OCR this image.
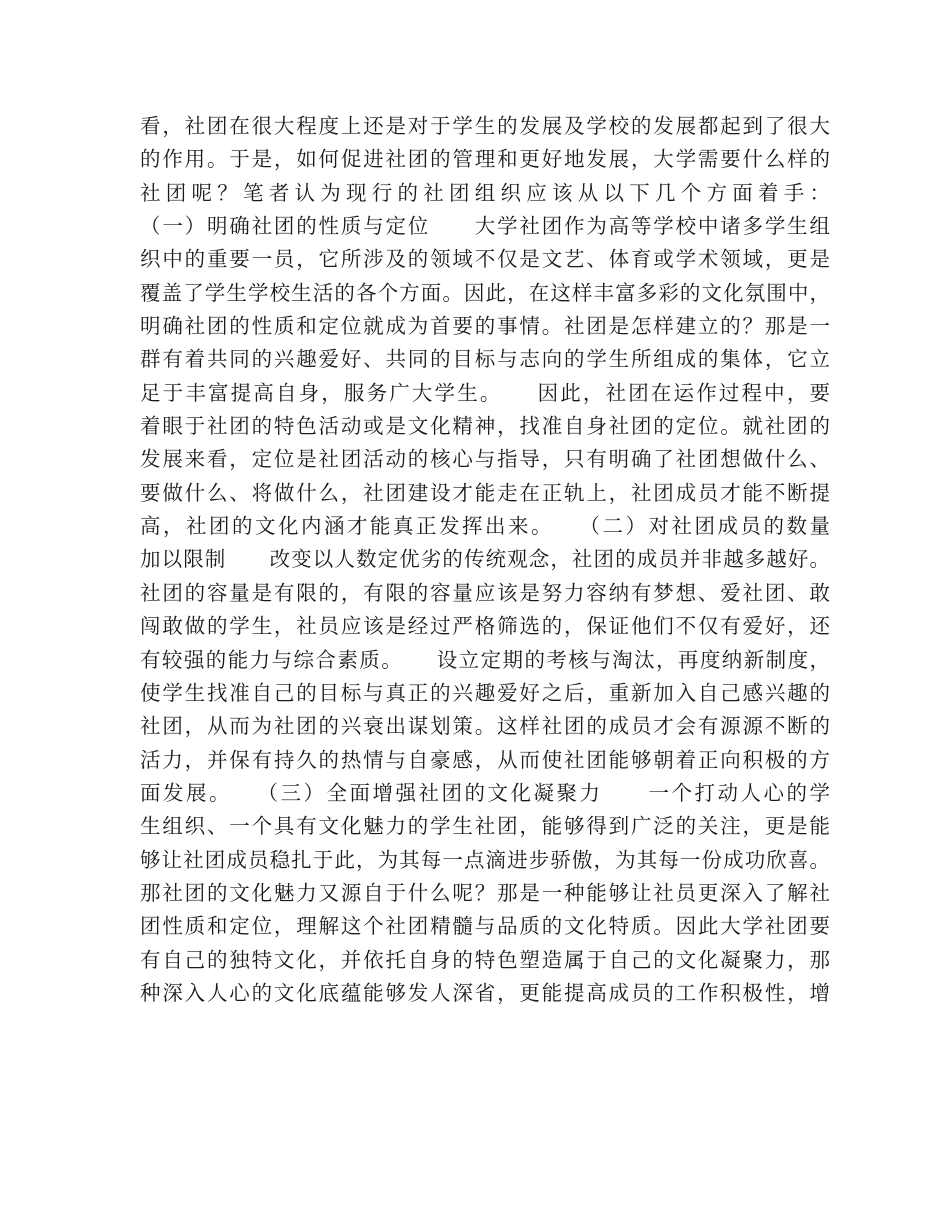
看，社团在很大程度上还是对于学生的发展及学校的发展都起到了很大
的作用。于是，如何促进社团的管理和更好地发展，大学需要什么样的
社团呢？笔者认为现行的社团组织应该从以下几个方面着手：
（一）明确社团的性质与定位　　大学社团作为高等学校中诸多学生组
织中的重要一员，它所涉及的领域不仅是文艺、体育或学术领域，更是
覆盖了学生学校生活的各个方面。因此，在这样丰富多彩的文化氛围中，
明确社团的性质和定位就成为首要的事情。社团是怎样建立的？那是一
群有着共同的兴趣爱好、共同的目标与志向的学生所组成的集体，它立
足于丰富提高自身，服务广大学生。　　因此，社团在运作过程中，要
着眼于社团的特色活动或是文化精神，找准自身社团的定位。就社团的
发展来看，定位是社团活动的核心与指导，只有明确了社团想做什么、
要做什么、将做什么，社团建设才能走在正轨上，社团成员才能不断提
高，社团的文化内涵才能真正发挥出来。　　（二）对社团成员的数量
加以限制　　改变以人数定优劣的传统观念，社团的成员并非越多越好。
社团的容量是有限的，有限的容量应该是努力容纳有梦想、爱社团、敢
闯敢做的学生，社员应该是经过严格筛选的，保证他们不仅有爱好，还
有较强的能力与综合素质。　　设立定期的考核与淘汰，再度纳新制度，
使学生找准自己的目标与真正的兴趣爱好之后，重新加入自己感兴趣的
社团，从而为社团的兴衰出谋划策。这样社团的成员才会有源源不断的
活力，并保有持久的热情与自豪感，从而使社团能够朝着正向积极的方
面发展。　　（三）全面增强社团的文化凝聚力　　一个打动人心的学
生组织、一个具有文化魅力的学生社团，能够得到广泛的关注，更是能
够让社团成员稳扎于此，为其每一点滴进步骄傲，为其每一份成功欣喜。
那社团的文化魅力又源自于什么呢？那是一种能够让社员更深入了解社
团性质和定位，理解这个社团精髓与品质的文化特质。因此大学社团要
有自己的独特文化，并依托自身的特色塑造属于自己的文化凝聚力，那
种深入人心的文化底蕴能够发人深省，更能提高成员的工作积极性，增
